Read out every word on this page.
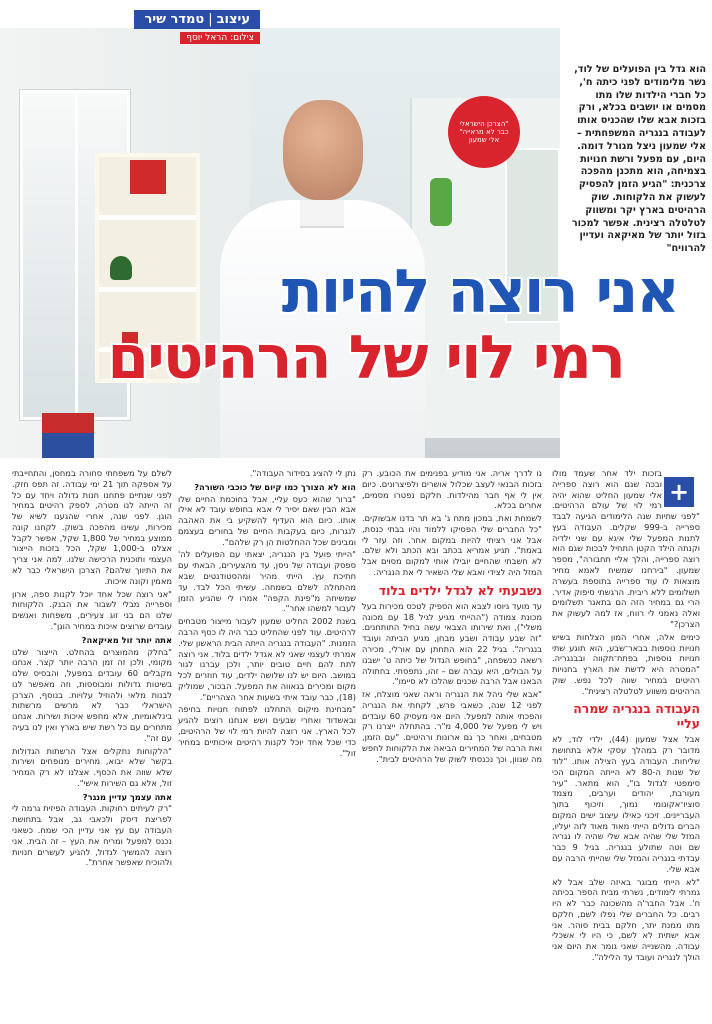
עיצוב|טמדר שיר
צילום: הראל יוסף
"הצרכן הישראלי כבר לא מראייה" אלי שמעון
הוא גדל בין הפועלים של לוד, נשר מלימודים לפני כיתה ח', כל חברי הילדות שלו מתו מסמים או יושבים בכלא, ורק בזכות אבא שלו שהכניס אותו לעבודה בנגריה המשפחתית – אלי שמעון ניצל מגורל דומה. היום, עם מפעל ורשת חנויות בצמיחה, הוא מתכנן מהפכה צרכנית: "הגיע הזמן להפסיק לעשוק את הלקוחות. שוק הרהיטים בארץ יקר ומשווק לטלטלה רצינית. אפשר למכור בזול יותר של מאיקאה ועדיין להרוויח"
אני רוצה להיות
רמי לוי של הרהיטים
+

בזכות ילד אחר שעמד מולו ובכה שגם הוא רוצה ספרייה אלי שמעון החליט שהוא יהיה רמי לוי של עולם הרהיטים. "לפני שתיות שנה הלימודים הגיעה לבבד ספרייה ב-999 שקלים. העבודה בעץ לתנות המפעל שלי איגא עם שני ילדיה וקנתה הילד הקטן התחיל לבכות שגם הוא רוצה ספרייה, והלך אליי תחבורה", מספר שמעון. "בירחנו שמשיח לאמא מחיר מוצאות לו עוד ספרייה בתוספת בעשרה תשלומים ללא ריבית. הרגשתי סיפוק אדיר. הרי גם במחיר הזה הם בתאגר תשלומים ואלה נאמני לי רווח, אז למה לעשוק את הצרכן?"

כימים אלה, אחרי המון הצלחות בשיש חנויות נוספות בבאר־שבע, הוא תוגע שתי חנויות נוספות, בפתח־תקווה ובבנגריה. "המטרה היא לדשת את הארץ בחנויות רהיטים במחיר שווה לכל נפש. שוק הרהיטים משווע לטלטלה רצינית".

העבודה בנגריה שמרה עליי

אבל אצל שמעון (44), ילדי לוד, לא מדובר רק במהלך עסקי אלא בתחושת שליחות. העבודה בעץ הצילה אותו. "לוד של שנות ה-80 לא הייתה המקום הכי סימפטי לגדול בו", הוא מתאר. "עיר מעורבת, יהודים וערבים, מצמד סוציו־אקונומי נמוך, וזיכוף בתוך העבריינים. זיכני כאילו עיצוב ישים המקום הברים גדולים הייתי מאוד מאוד לזה יעליו, המזל שלי שהיה אבא שלי שהיה לו נגריה שם וטה שתולע בנגריה. בגיל 9 כבר עבדתי בנגריה והמזל שלי שהייתי הרבה עם אבא שלי.

"לא הייתי מבוגר באיזה שלב אבל לא גמרתי לימודים, נשרתי מבית הספר בכיתה ח'. אבל החבר'ה מהשכונה כבר לא היו רבים. כל החברים שלי נפלו לשם, חלקם מתו ממנת יתר, חלקם בבית סוהר. אני אבא ישתית לא לשם, כי היו לי אשכלי עבודה. מהשנייה שאני גומר את היום אני הולך לנגריה ועובד עד הלילה".

נו לדרך אריה. אני מודיע בפנימים את הכובע. רק בזכות הבנאי לעצב שכלול אושרים ולפיצרונים. כיום אין לי אף חבר מהילדות. חלקם נפטרו מסמים, אחרים בכלא.

לשמחת ואת, במכון מתח ג' בא תר בדנו אבשוקים. "כל החברים שלי הפסיקו ללמוד והיו בבתי כנסת, אבל אני רציתי להיות במקום אחר. וזה עזר לי באמת". תגיע אמריא בכתב ובא הכתב ולא שלם. לא חשבתי שהחיים יובילו אותי למקום מסוים אבל המזל היה לצידי ואבא שלי השאיר לי את הנגריה.

נשבעתי לא לגדל ילדים בלוד

עד מועד גיוסו לצבא הוא הספיק לטכס מכירות בעל מכונת צמודה ("ההייתי מגיע לגיל 18 עם מכונה משלי"), ואת שירותו הצבאי עשה בחיל התותחנים. "זה שבע עבודה ושבע מבחן, מגיע הביתה ועובד בנגריה". בגיל 22 הוא התחתן עם אורלי, מכירה רשאה כנשפחה, "בחופש הגדול של כיתה ט' ישבנו על הבולים, היא עברה שם – זהו, נתפסתי. בחתולה הבאנו אבל הרבה שכנים שהלכו לא סיימו".

"אבא שלי ניהל את הנגריה וראה שאני מוצלח, אז לפני 12 שנה, כשאבי פרש, לקחתי את הנגריה והפכתי אותה למפעל. היום אני מעסיק 60 עובדים ויש לי מפעל של 4,000 מ"ר. בהתחלה ייצרנו רק מטבחים, ואחר כך גם ארונות ורהיטים. "עם הזמן, ואת הרבה של המחירים הביאה את הלקוחות לחפש מה שגוון, וכך נכנסתי לשוק של הרהיטים לבית".

נתן לי להציג בסידור העבודה".

הוא לא הצורך כמו קיום של כוכבי השורה?

"ברור שהוא כעס עליי, אבל בחוכמת החיים שלו אבא הבין שאם יסיר לי אבא בחופש עובד לא אילו אותו. כיום הוא העדיף להשקיע בי את האהבה לנגרות, כיום בעקבות החיים של בחורים בעצמם ומבינים שכל ההחלטות הן רק שלהם".

"הייתי פועל בין הנגריה, יצאתי עם הפועלים לה' ספסק ועבודה של ניסן, עד מהצעירים, הבאתי עם חתיכת עץ. הייתי מהיר ומהסטודנטים שבא מהתחלה לשלם בשמחה. עשיתי הכל לבד. עד שמשיחה מ"פינת הקפה" אמרו לי שהגיע הזמן לעבור למשהו אחר".

בשנת 2002 החליט שמעון לעבור מייצור מטבחים לרהיטים. עוד לפני שהחליט כבר היה לו כסף הרבה הזמנות. "העבודה בנגריה הייתה הבית הראשון שלי. אמרתי לעצמי שאני לא אגדל ילדים בלוד. אני רוצה לתת להם חיים טובים יותר, ולכן עברנו לגור במושב. היום יש לנו שלושה ילדים, עוד חוזרים לכל מקום ומכירים בגאווה את המפעל. הבכור, שמוליק (18), כבר עובד איתי בשעות אחר הצהריים".

"מבחינת מיקום התחלנו לפתוח חנויות בחיפה ובאשדוד ואחרי שבעים ושש אנחנו רוצים להגיע לכל הארץ. אני רוצה להיות רמי לוי של הרהיטים, כדי שכל אחד יוכל לקנות רהיטים איכותיים במחיר זול".

לשלם על משפחתי סחורה במחסן, והתחייבתי על אספקה תוך 21 ימי עבודה. זה תפס חזק. לפני שנתיים פתחנו חנות גדולה ויחד עם כל זה הייתה לנו מטרה, לספק רהיטים במחיר הוגן. לפני שנה, אחרי שהגענו לשיא של מכירות, עשינו מהפכה בשוק. לקחנו קונה ממוצע במחיר של 1,800 שקל, אפשר לקבל אצלנו ב-1,000 שקל, הכל בזכות הייצור העצמי ותוכנית הרכישה שלנו. למה אני צריך את התיווך שלהם? הצרכן הישראלי כבר לא מאמין וקונה איכות.

"אני רוצה שכל אחד יוכל לקנות ספה, ארון וספרייה מבלי לשבור את הבנק. הלקוחות שלנו הם בני זוג צעירים, משפחות ואנשים עובדים שרוצים איכות במחיר הוגן".

אתה יותר זול מאיקאה?

"בחלק מהמוצרים בהחלט. הייצור שלנו מקומי, ולכן זה זמן הרבה יותר קצר. אנחנו מקבלים 60 עובדים במפעל, והבסיס שלנו בשיטות גדולות ומבוססות, וזה מאפשר לנו לבנות מלאי ולהוזיל עלויות. בנוסף, הצרכן הישראלי כבר לא מרשים מרשתות בינלאומיות, אלא מחפש איכות ושירות. אנחנו מתחרים עם כל רשת שיש בארץ ואין לנו בעיה עם זה".

"הלקוחות נתקלים אצל הרשתות הגדולות בקשר שלא יבוא, מחירים מנופחים ושירות שלא שווה את הכסף. אצלנו לא רק המחיר זול, אלא גם השירות אישי".

אתה עצמך עדיין מנגר?

"רק לעיתים רחוקות. העבודה הפיזית גרמה לי לפריצת דיסק ולכאבי גב, אבל בתחושת העבודה עם עץ אני עדיין הכי שמח. כשאני נכנס למפעל ומריח את העץ – זה הבית. אני רוצה להמשיך לגדול, להגיע לעשרים חנויות ולהוכיח שאפשר אחרת".
